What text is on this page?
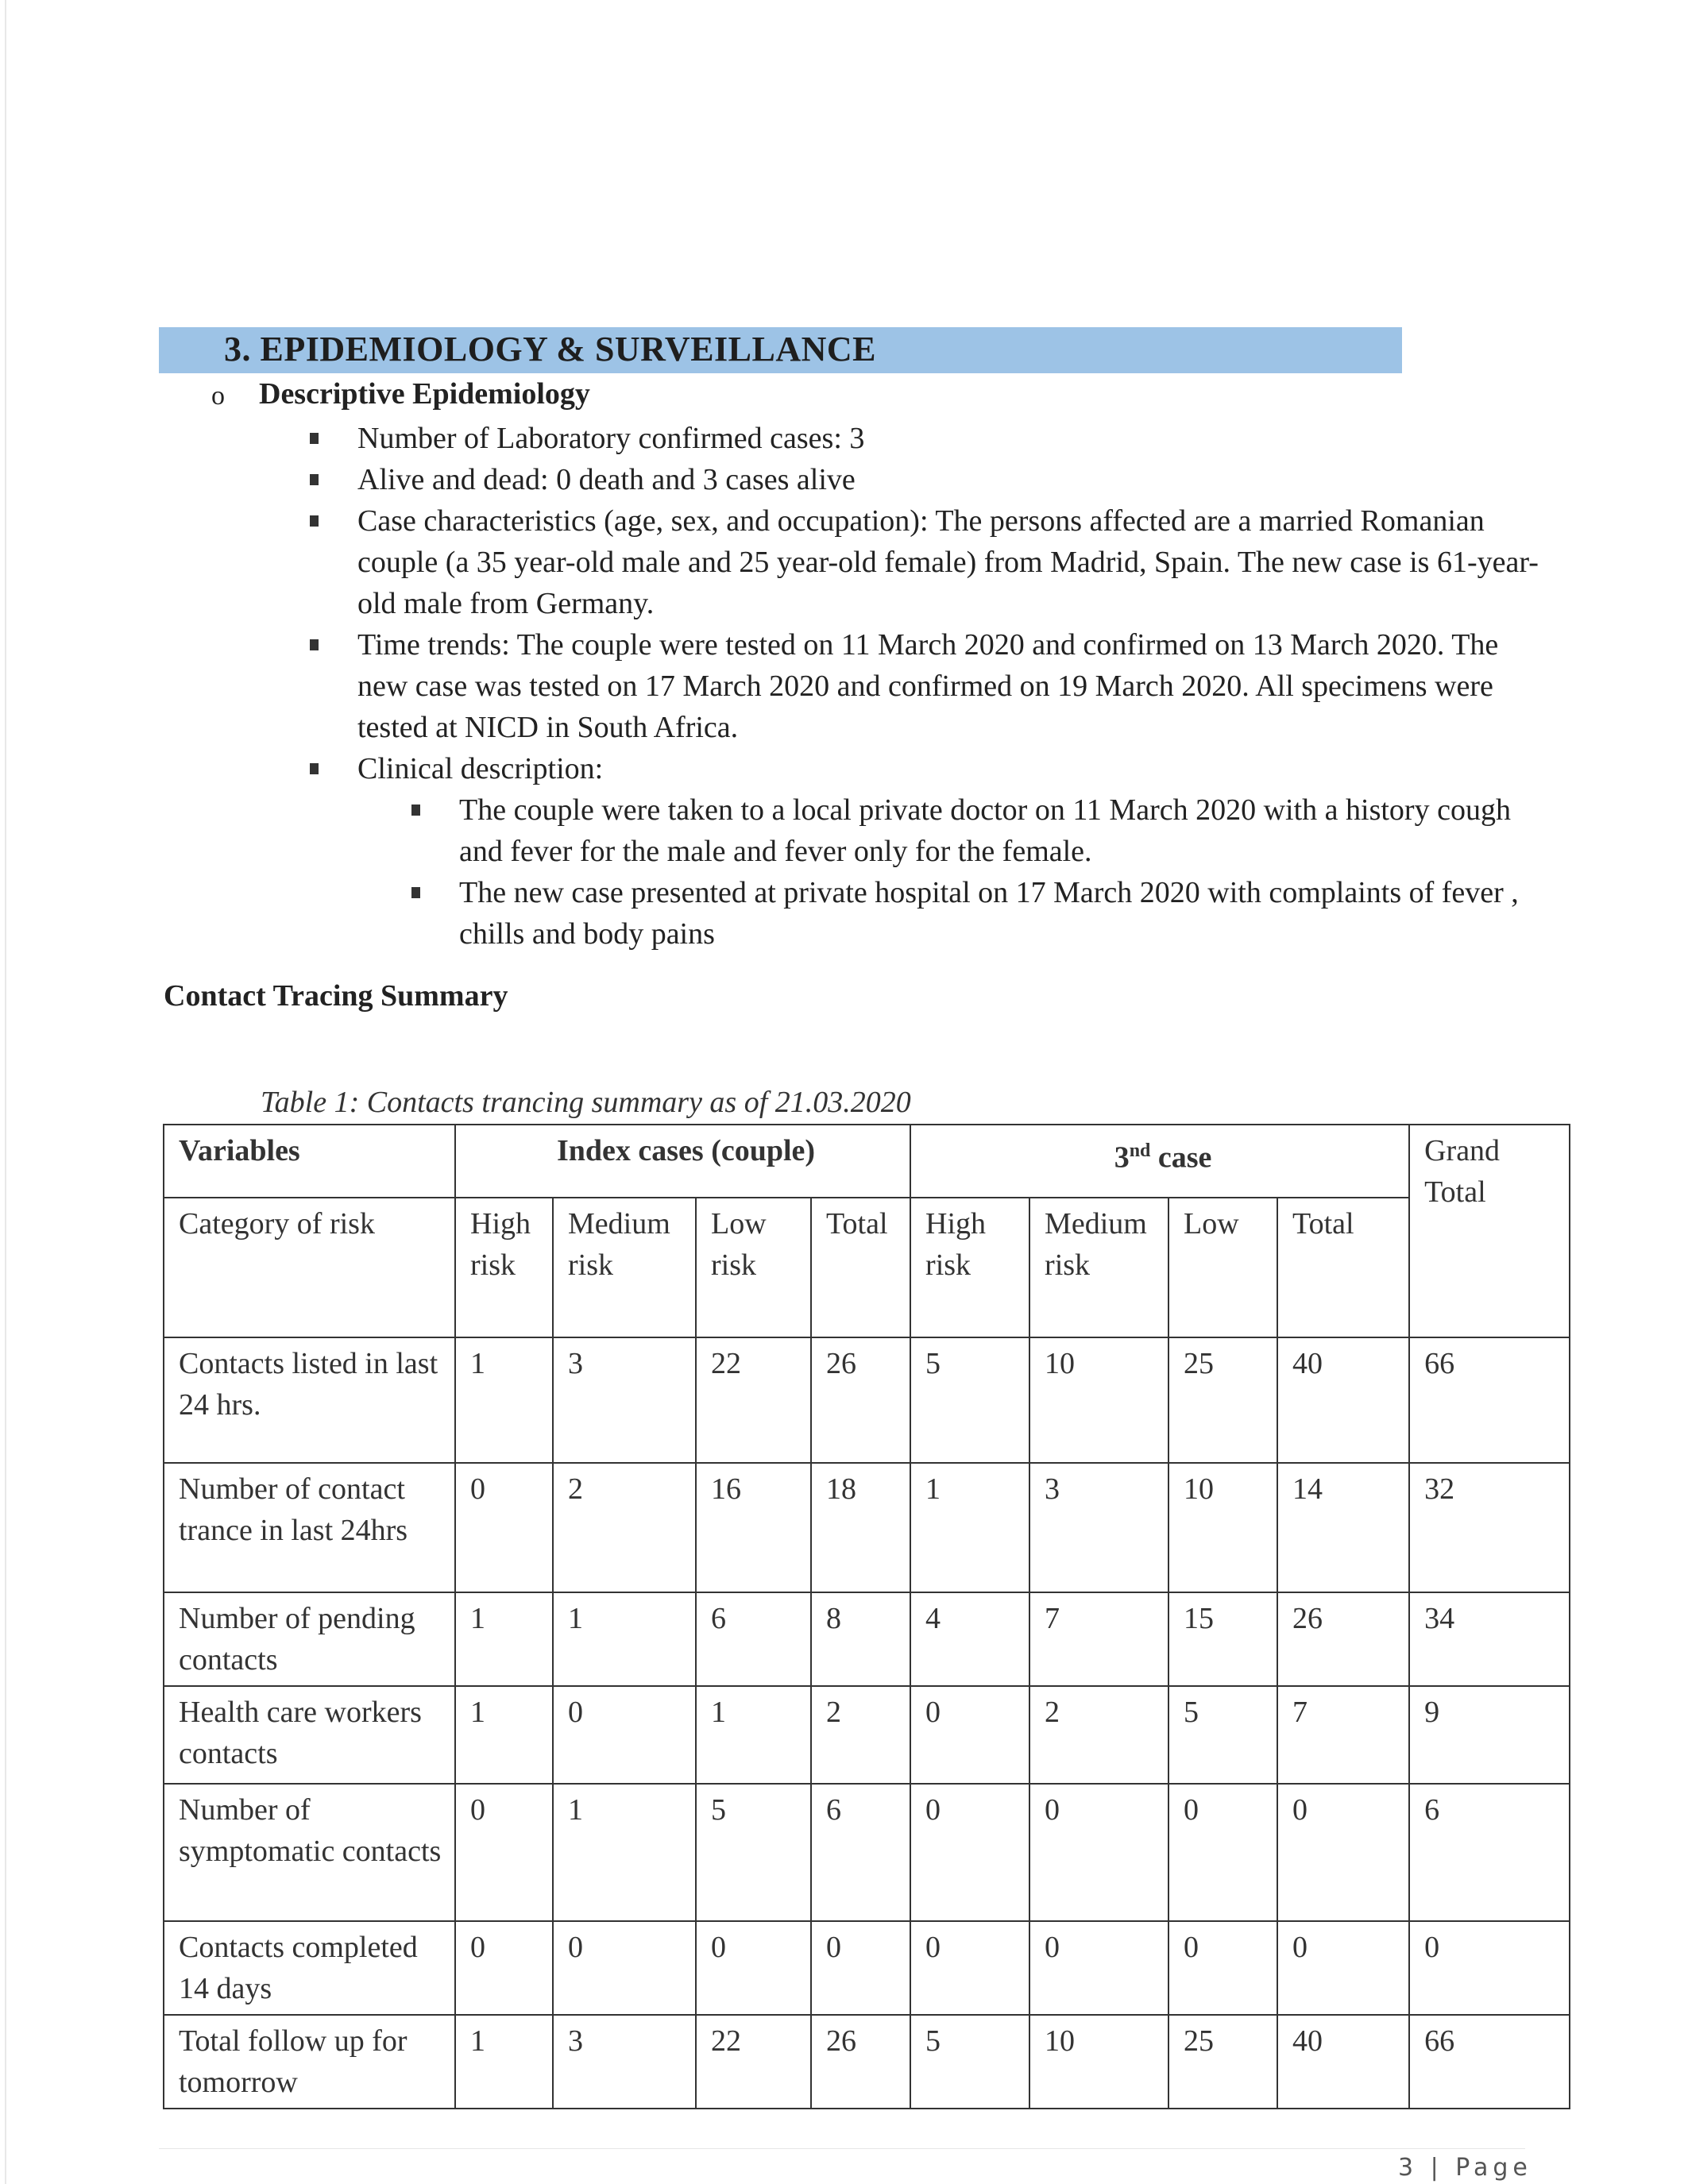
3. EPIDEMIOLOGY & SURVEILLANCE
o Descriptive Epidemiology
Number of Laboratory confirmed cases: 3
Alive and dead: 0 death and 3 cases alive
Case characteristics (age, sex, and occupation): The persons affected are a married Romanian couple (a 35 year-old male and 25 year-old female) from Madrid, Spain. The new case is 61-year-old male from Germany.
Time trends: The couple were tested on 11 March 2020 and confirmed on 13 March 2020. The new case was tested on 17 March 2020 and confirmed on 19 March 2020. All specimens were tested at NICD in South Africa.
Clinical description:
The couple were taken to a local private doctor on 11 March 2020 with a history cough and fever for the male and fever only for the female.
The new case presented at private hospital on 17 March 2020 with complaints of fever , chills and body pains
Contact Tracing Summary
Table 1: Contacts trancing summary as of 21.03.2020
Variables	Index cases (couple)				3nd case				Grand Total
Category of risk	High risk	Medium risk	Low risk	Total	High risk	Medium risk	Low	Total	
Contacts listed in last 24 hrs.	1	3	22	26	5	10	25	40	66
Number of contact trance in last 24hrs	0	2	16	18	1	3	10	14	32
Number of pending contacts	1	1	6	8	4	7	15	26	34
Health care workers contacts	1	0	1	2	0	2	5	7	9
Number of symptomatic contacts	0	1	5	6	0	0	0	0	6
Contacts completed 14 days	0	0	0	0	0	0	0	0	0
Total follow up for tomorrow	1	3	22	26	5	10	25	40	66
3 | Page
